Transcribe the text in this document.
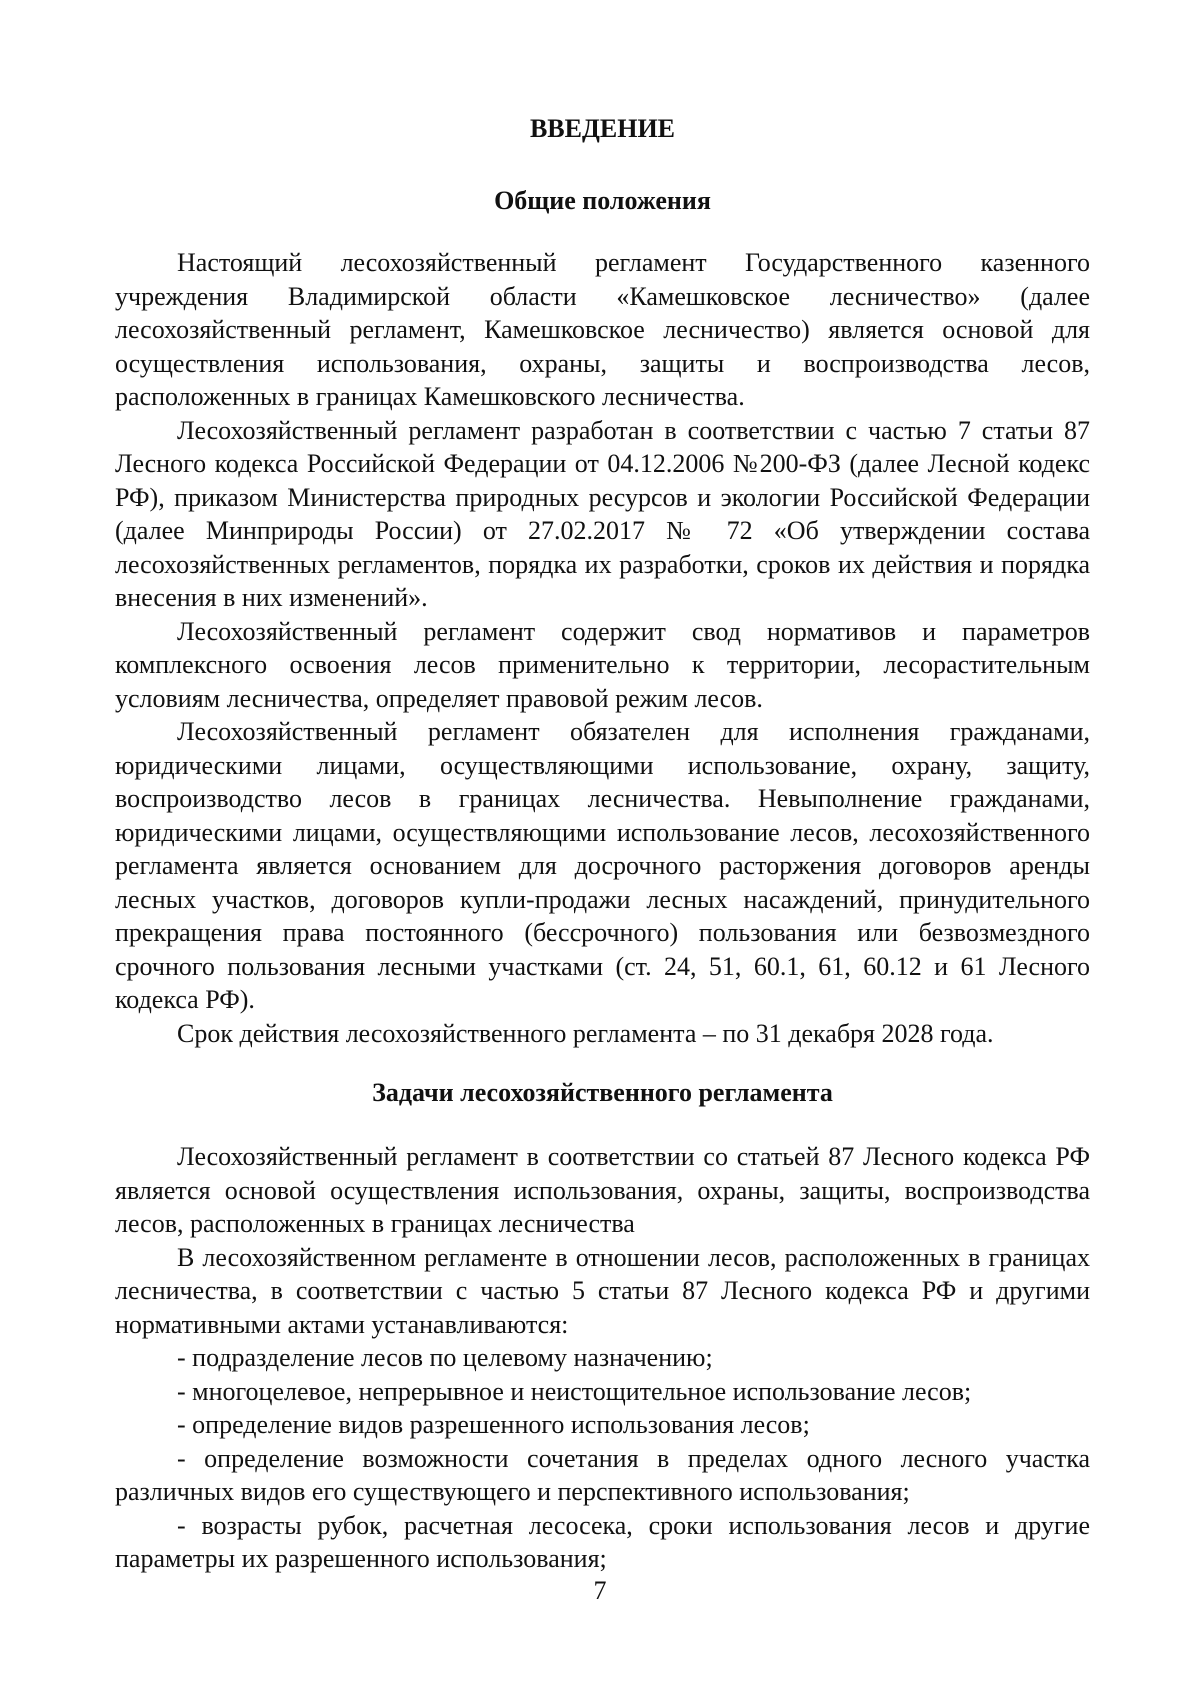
ВВЕДЕНИЕ
Общие положения

Настоящий лесохозяйственный регламент Государственного казенного учреждения Владимирской области «Камешковское лесничество» (далее лесохозяйственный регламент, Камешковское лесничество) является основой для осуществления использования, охраны, защиты и воспроизводства лесов, расположенных в границах Камешковского лесничества.

Лесохозяйственный регламент разработан в соответствии с частью 7 статьи 87 Лесного кодекса Российской Федерации от 04.12.2006 №200-ФЗ (далее Лесной кодекс РФ), приказом Министерства природных ресурсов и экологии Российской Федерации (далее Минприроды России) от 27.02.2017 № 72 «Об утверждении состава лесохозяйственных регламентов, порядка их разработки, сроков их действия и порядка внесения в них изменений».

Лесохозяйственный регламент содержит свод нормативов и параметров комплексного освоения лесов применительно к территории, лесорастительным условиям лесничества, определяет правовой режим лесов.

Лесохозяйственный регламент обязателен для исполнения гражданами, юридическими лицами, осуществляющими использование, охрану, защиту, воспроизводство лесов в границах лесничества. Невыполнение гражданами, юридическими лицами, осуществляющими использование лесов, лесохозяйственного регламента является основанием для досрочного расторжения договоров аренды лесных участков, договоров купли-продажи лесных насаждений, принудительного прекращения права постоянного (бессрочного) пользования или безвозмездного срочного пользования лесными участками (ст. 24, 51, 60.1, 61, 60.12 и 61 Лесного кодекса РФ).

Срок действия лесохозяйственного регламента – по 31 декабря 2028 года.

Задачи лесохозяйственного регламента

Лесохозяйственный регламент в соответствии со статьей 87 Лесного кодекса РФ является основой осуществления использования, охраны, защиты, воспроизводства лесов, расположенных в границах лесничества

В лесохозяйственном регламенте в отношении лесов, расположенных в границах лесничества, в соответствии с частью 5 статьи 87 Лесного кодекса РФ и другими нормативными актами устанавливаются:

- подразделение лесов по целевому назначению;

- многоцелевое, непрерывное и неистощительное использование лесов;

- определение видов разрешенного использования лесов;

- определение возможности сочетания в пределах одного лесного участка различных видов его существующего и перспективного использования;

- возрасты рубок, расчетная лесосека, сроки использования лесов и другие параметры их разрешенного использования;

7
